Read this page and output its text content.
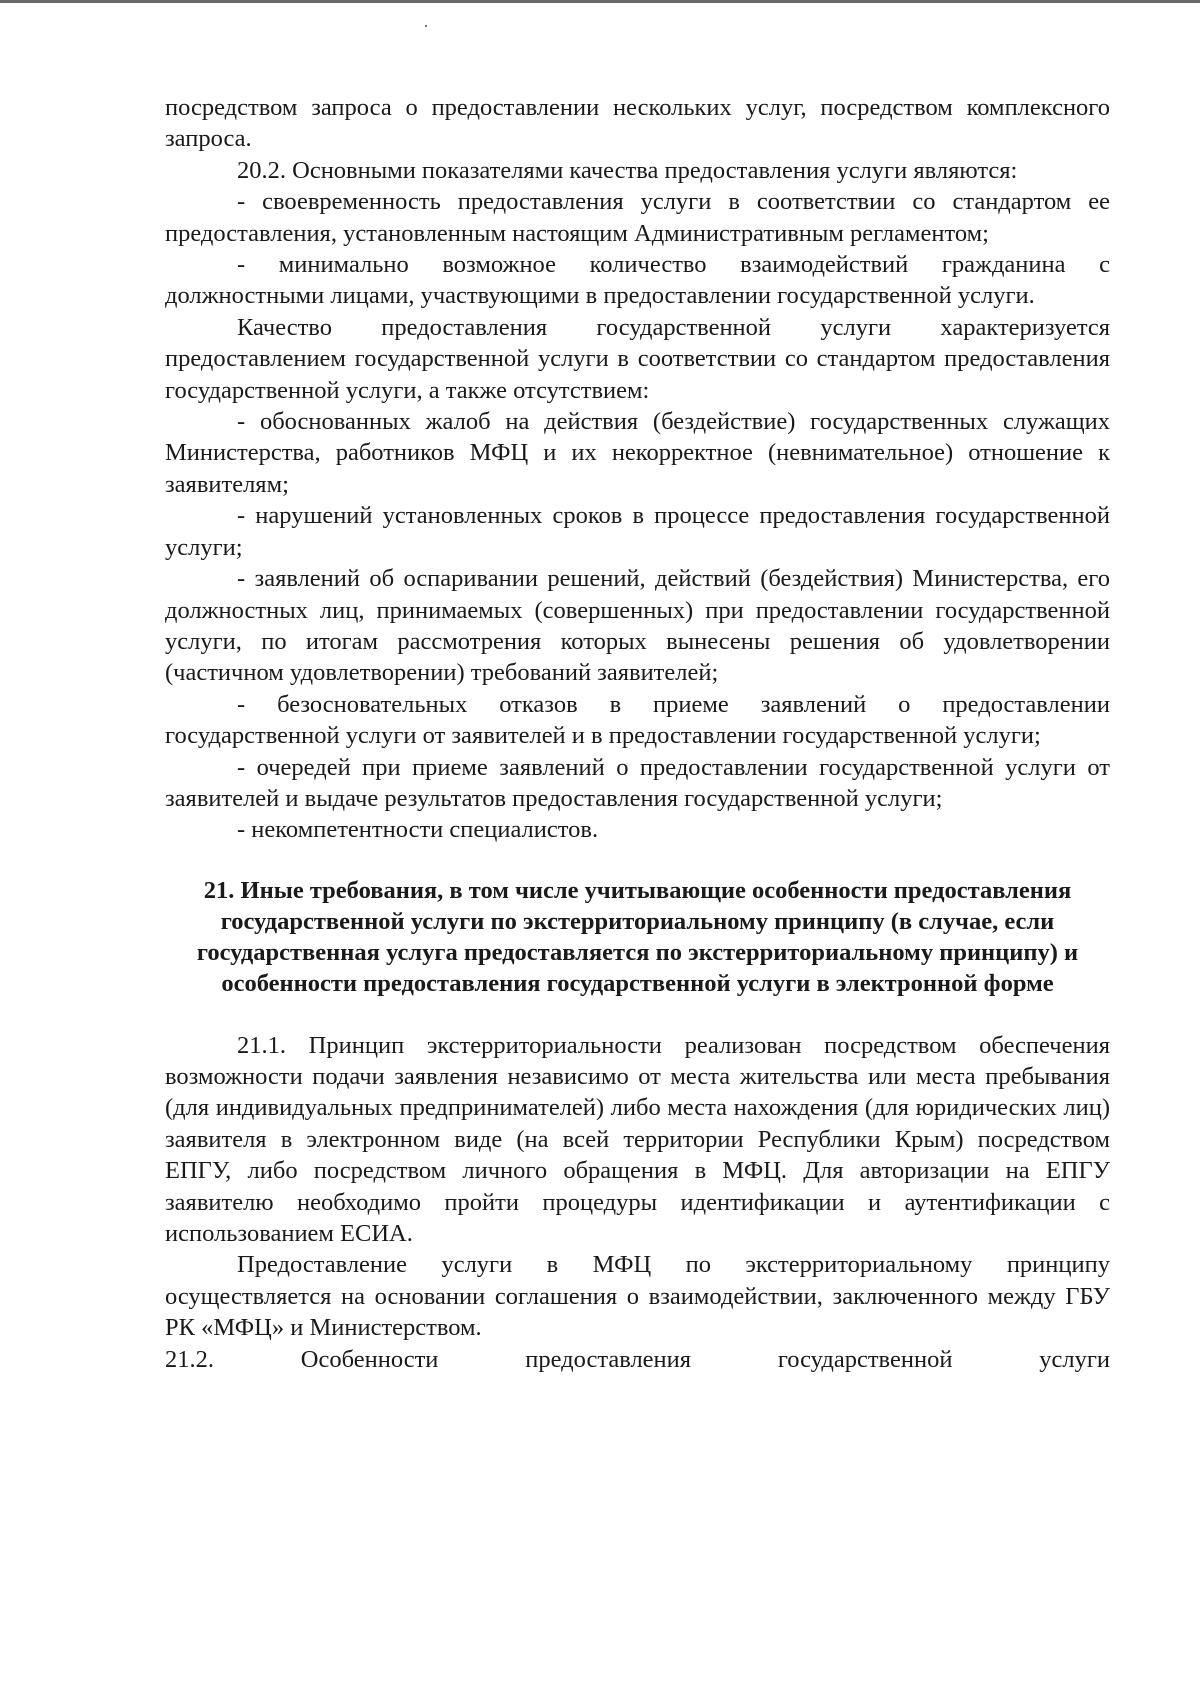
посредством запроса о предоставлении нескольких услуг, посредством комплексного запроса.

20.2. Основными показателями качества предоставления услуги являются:

- своевременность предоставления услуги в соответствии со стандартом ее предоставления, установленным настоящим Административным регламентом;

- минимально возможное количество взаимодействий гражданина с должностными лицами, участвующими в предоставлении государственной услуги.

Качество предоставления государственной услуги характеризуется предоставлением государственной услуги в соответствии со стандартом предоставления государственной услуги, а также отсутствием:

- обоснованных жалоб на действия (бездействие) государственных служащих Министерства, работников МФЦ и их некорректное (невнимательное) отношение к заявителям;

- нарушений установленных сроков в процессе предоставления государственной услуги;

- заявлений об оспаривании решений, действий (бездействия) Министерства, его должностных лиц, принимаемых (совершенных) при предоставлении государственной услуги, по итогам рассмотрения которых вынесены решения об удовлетворении (частичном удовлетворении) требований заявителей;

- безосновательных отказов в приеме заявлений о предоставлении государственной услуги от заявителей и в предоставлении государственной услуги;

- очередей при приеме заявлений о предоставлении государственной услуги от заявителей и выдаче результатов предоставления государственной услуги;

- некомпетентности специалистов.

21. Иные требования, в том числе учитывающие особенности предоставления государственной услуги по экстерриториальному принципу (в случае, если государственная услуга предоставляется по экстерриториальному принципу) и особенности предоставления государственной услуги в электронной форме

21.1. Принцип экстерриториальности реализован посредством обеспечения возможности подачи заявления независимо от места жительства или места пребывания (для индивидуальных предпринимателей) либо места нахождения (для юридических лиц) заявителя в электронном виде (на всей территории Республики Крым) посредством ЕПГУ, либо посредством личного обращения в МФЦ. Для авторизации на ЕПГУ заявителю необходимо пройти процедуры идентификации и аутентификации с использованием ЕСИА.

Предоставление услуги в МФЦ по экстерриториальному принципу осуществляется на основании соглашения о взаимодействии, заключенного между ГБУ РК «МФЦ» и Министерством.

21.2. Особенности предоставления государственной услуги
